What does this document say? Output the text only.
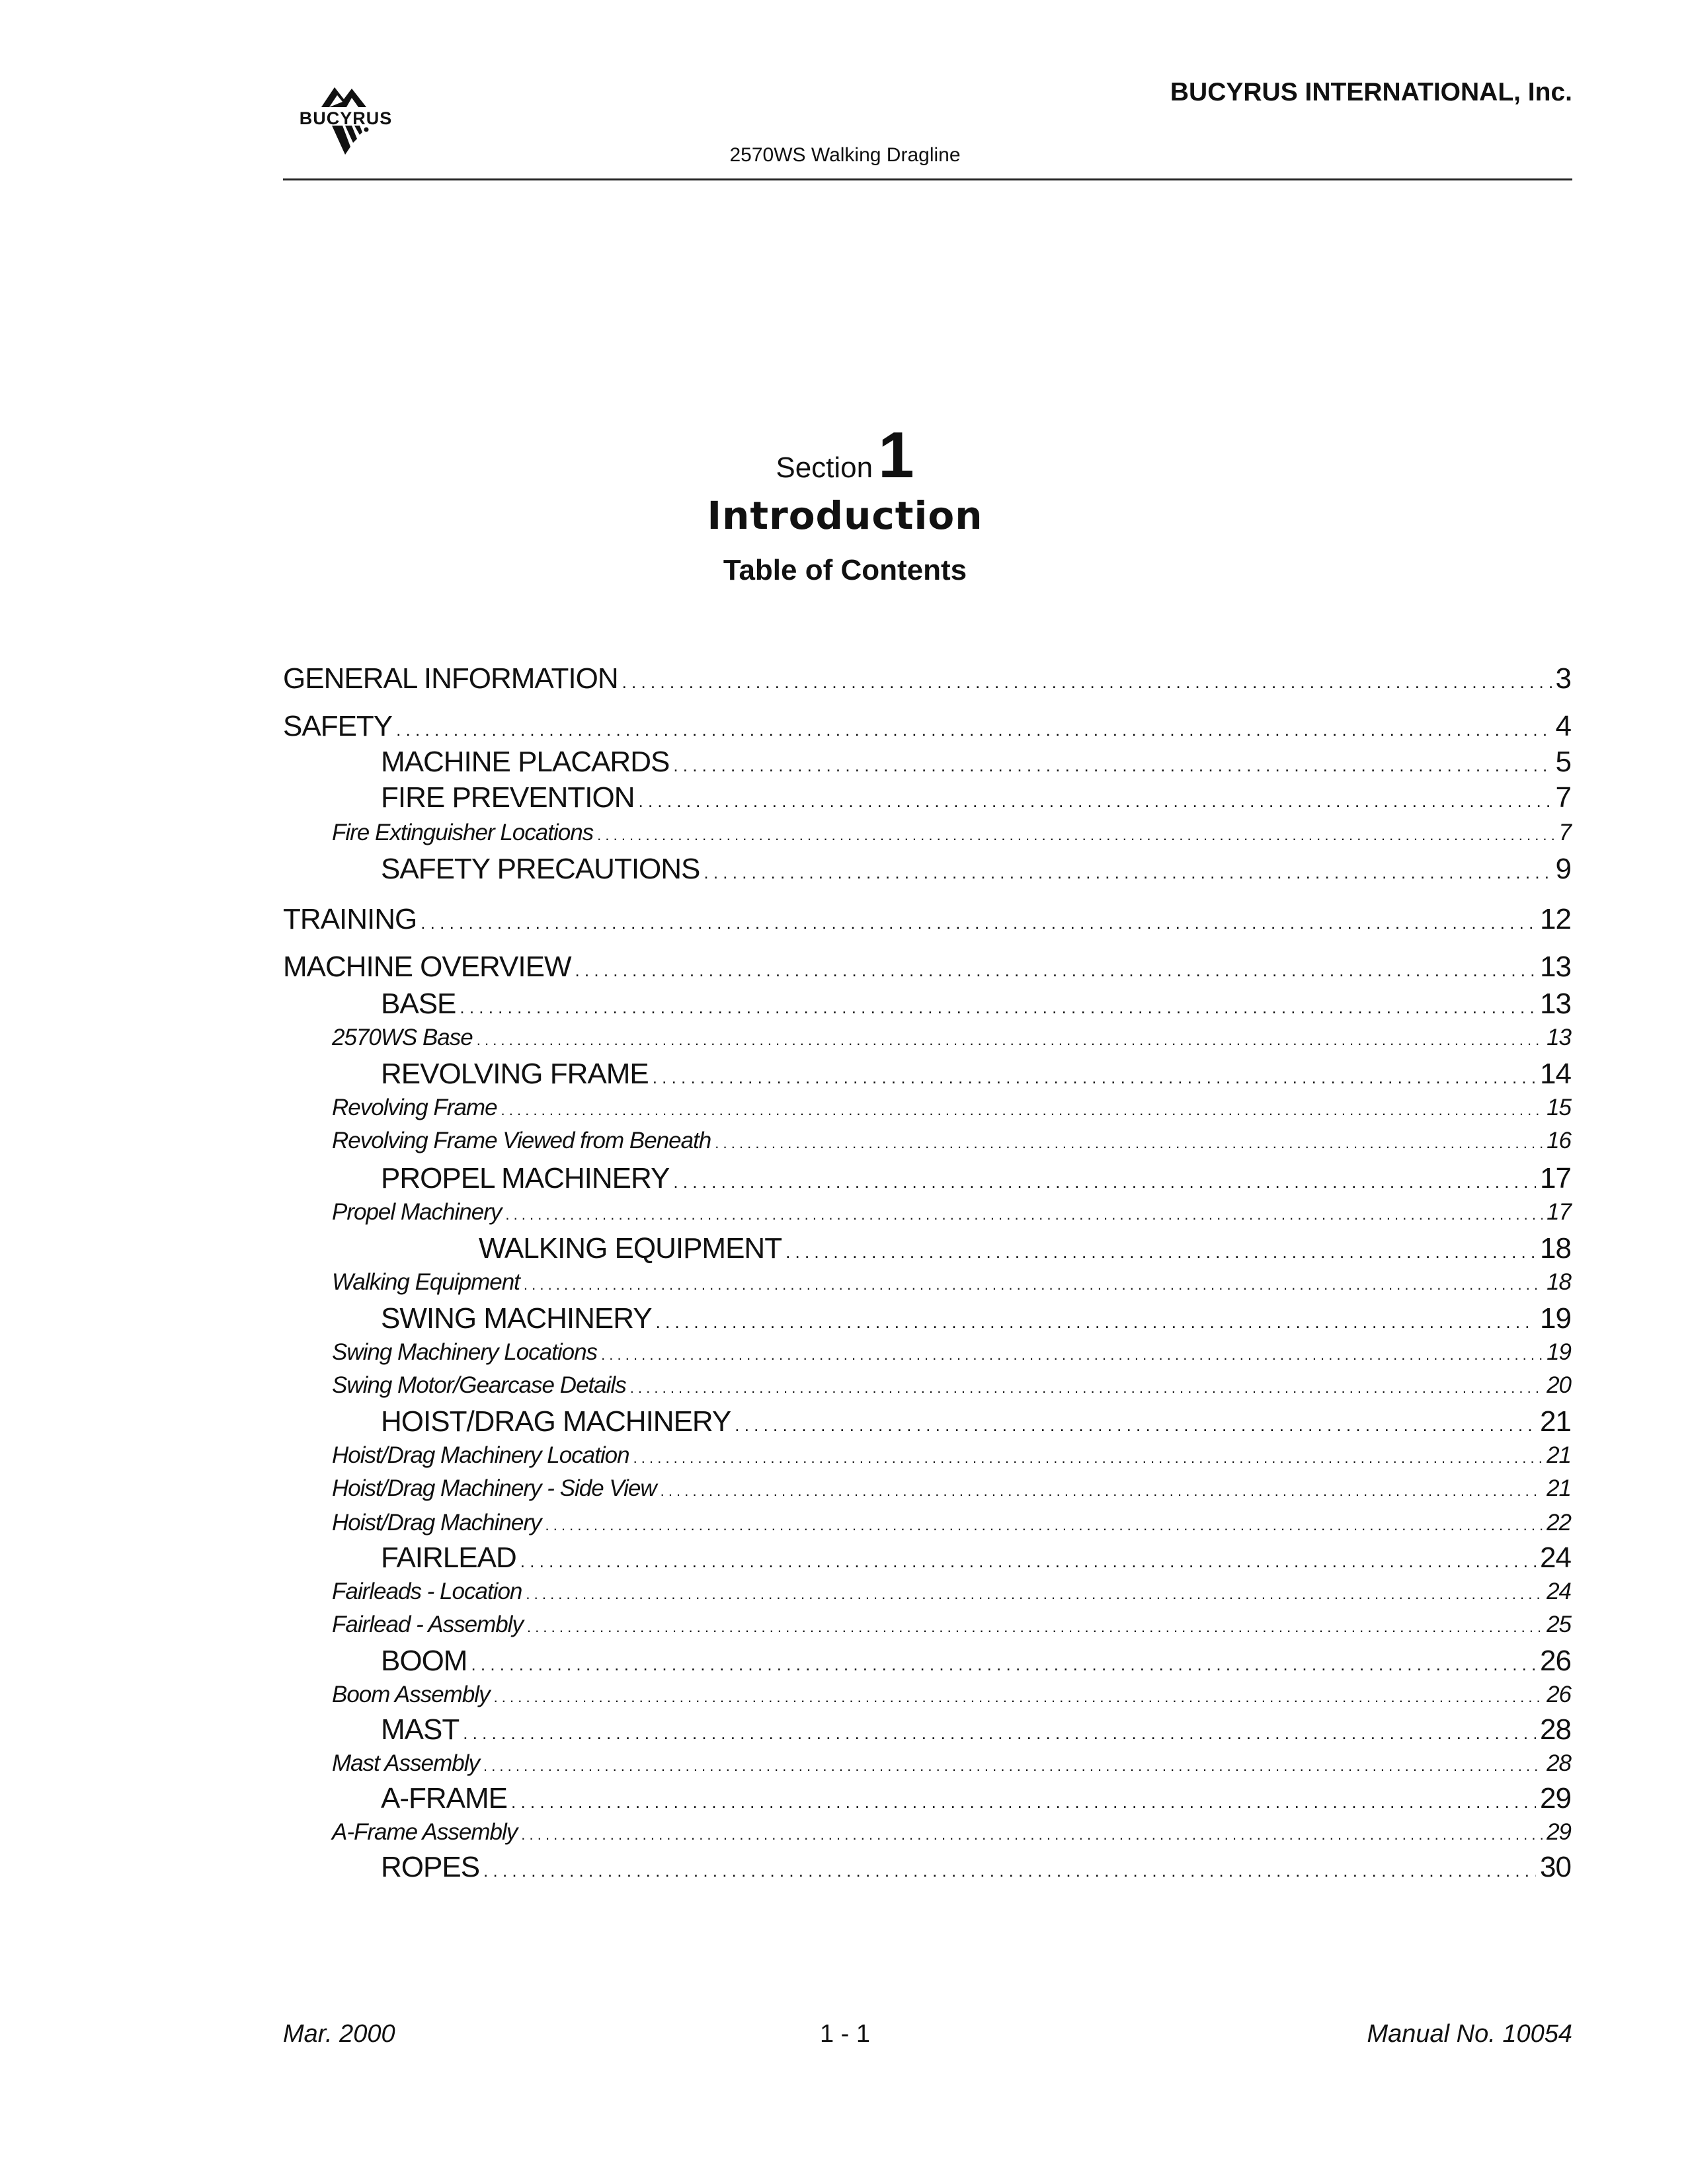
BUCYRUS
BUCYRUS INTERNATIONAL, Inc.
2570WS Walking Dragline
Section1
Introduction
Table of Contents
GENERAL INFORMATION . . .	3
SAFETY . . .	4
MACHINE PLACARDS . . .	5
FIRE PREVENTION . . .	7
Fire Extinguisher Locations . . .	7
SAFETY PRECAUTIONS . . .	9
TRAINING . . .	12
MACHINE OVERVIEW . . .	13
BASE . . .	13
2570WS Base . . .	13
REVOLVING FRAME . . .	14
Revolving Frame . . .	15
Revolving Frame Viewed from Beneath . . .	16
PROPEL MACHINERY . . .	17
Propel Machinery . . .	17
WALKING EQUIPMENT . . .	18
Walking Equipment . . .	18
SWING MACHINERY . . .	19
Swing Machinery Locations . . .	19
Swing Motor/Gearcase Details . . .	20
HOIST/DRAG MACHINERY . . .	21
Hoist/Drag Machinery Location . . .	21
Hoist/Drag Machinery - Side View . . .	21
Hoist/Drag Machinery . . .	22
FAIRLEAD . . .	24
Fairleads - Location . . .	24
Fairlead - Assembly . . .	25
BOOM . . .	26
Boom Assembly . . .	26
MAST . . .	28
Mast Assembly . . .	28
A-FRAME . . .	29
A-Frame Assembly . . .	29
ROPES . . .	30
Mar. 2000	1 - 1	Manual No. 10054
